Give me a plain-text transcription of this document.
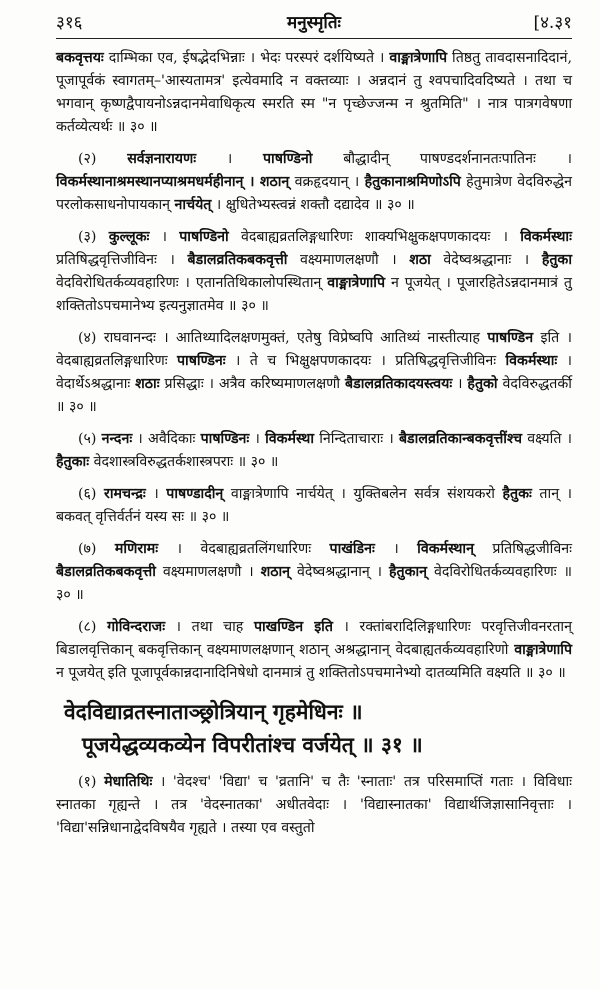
३१६	मनुस्मृतिः	[४.३१

बकवृत्तयः दाम्भिका एव, ईषद्भेदभिन्नाः । भेदः परस्परं दर्शयिष्यते । वाङ्मात्रेणापि तिष्ठतु तावदासनादिदानं, पूजापूर्वकं स्वागतम्–'आस्यतामत्र' इत्येवमादि न वक्तव्याः । अन्नदानं तु श्वपचादिवदिष्यते । तथा च भगवान् कृष्णद्वैपायनोऽन्नदानमेवाधिकृत्य स्मरति स्म "न पृच्छेज्जन्म न श्रुतमिति" । नात्र पात्रगवेषणा कर्तव्येत्यर्थः ॥ ३० ॥

(२) सर्वज्ञनारायणः । पाषण्डिनो बौद्धादीन् पाषण्डदर्शनानतःपातिनः । विकर्मस्थानाश्रमस्थानप्याश्रमधर्महीनान् । शठान् वक्रहृदयान् । हैतुकानाश्रमिणोऽपि हेतुमात्रेण वेदविरुद्धेन परलोकसाधनोपायकान् नार्चयेत् । क्षुधितेभ्यस्त्वन्नं शक्तौ दद्यादेव ॥ ३० ॥

(३) कुल्लूकः । पाषण्डिनो वेदबाह्यव्रतलिङ्गधारिणः शाक्यभिक्षुकक्षपणकादयः । विकर्मस्थाः प्रतिषिद्धवृत्तिजीविनः । बैडालव्रतिकबकवृत्ती वक्ष्यमाणलक्षणौ । शठा वेदेष्वश्रद्धानाः । हैतुका वेदविरोधितर्कव्यवहारिणः । एतानतिथिकालोपस्थितान् वाङ्मात्रेणापि न पूजयेत् । पूजारहितेऽन्नदानमात्रं तु शक्तितोऽपचमानेभ्य इत्यनुज्ञातमेव ॥ ३० ॥

(४) राघवानन्दः । आतिथ्यादिलक्षणमुक्तं, एतेषु विप्रेष्वपि आतिथ्यं नास्तीत्याह पाषण्डिन इति । वेदबाह्यव्रतलिङ्गधारिणः पाषण्डिनः । ते च भिक्षुक्षपणकादयः । प्रतिषिद्धवृत्तिजीविनः विकर्मस्थाः । वेदार्थेऽश्रद्धानाः शठाः प्रसिद्धाः । अत्रैव करिष्यमाणलक्षणौ बैडालव्रतिकादयस्त्वयः । हैतुको वेदविरुद्धतर्की ॥ ३० ॥

(५) नन्दनः । अवैदिकाः पाषण्डिनः । विकर्मस्था निन्दिताचाराः । बैडालव्रतिकान्बकवृत्तींश्च वक्ष्यति । हैतुकाः वेदशास्त्रविरुद्धतर्कशास्त्रपराः ॥ ३० ॥

(६) रामचन्द्रः । पाषण्डादीन् वाङ्मात्रेणापि नार्चयेत् । युक्तिबलेन सर्वत्र संशयकरो हैतुकः तान् । बकवत् वृत्तिर्वर्तनं यस्य सः ॥ ३० ॥

(७) मणिरामः । वेदबाह्यव्रतलिंगधारिणः पाखंडिनः । विकर्मस्थान् प्रतिषिद्धजीविनः बैडालव्रतिकबकवृत्ती वक्ष्यमाणलक्षणौ । शठान् वेदेष्वश्रद्धानान् । हैतुकान् वेदविरोधितर्कव्यवहारिणः ॥ ३० ॥

(८) गोविन्दराजः । तथा चाह पाखण्डिन इति । रक्तांबरादिलिङ्गधारिणः परवृत्तिजीवनरतान् बिडालवृत्तिकान् बकवृत्तिकान् वक्ष्यमाणलक्षणान् शठान् अश्रद्धानान् वेदबाह्यतर्कव्यवहारिणो वाङ्मात्रेणापि न पूजयेत् इति पूजापूर्वकान्नदानादिनिषेधो दानमात्रं तु शक्तितोऽपचमानेभ्यो दातव्यमिति वक्ष्यति ॥ ३० ॥

वेदविद्याव्रतस्नाताञ्छ्रोत्रियान् गृहमेधिनः ॥
पूजयेद्धव्यकव्येन विपरीतांश्च वर्जयेत् ॥ ३१ ॥

(१) मेधातिथिः । 'वेदश्च' 'विद्या' च 'व्रतानि' च तैः 'स्नाताः' तत्र परिसमाप्तिं गताः । विविधाः स्नातका गृह्यन्ते । तत्र 'वेदस्नातका' अधीतवेदाः । 'विद्यास्नातका' विद्यार्थजिज्ञासानिवृत्ताः । 'विद्या'सन्निधानाद्वेदविषयैव गृह्यते । तस्या एव वस्तुतो
